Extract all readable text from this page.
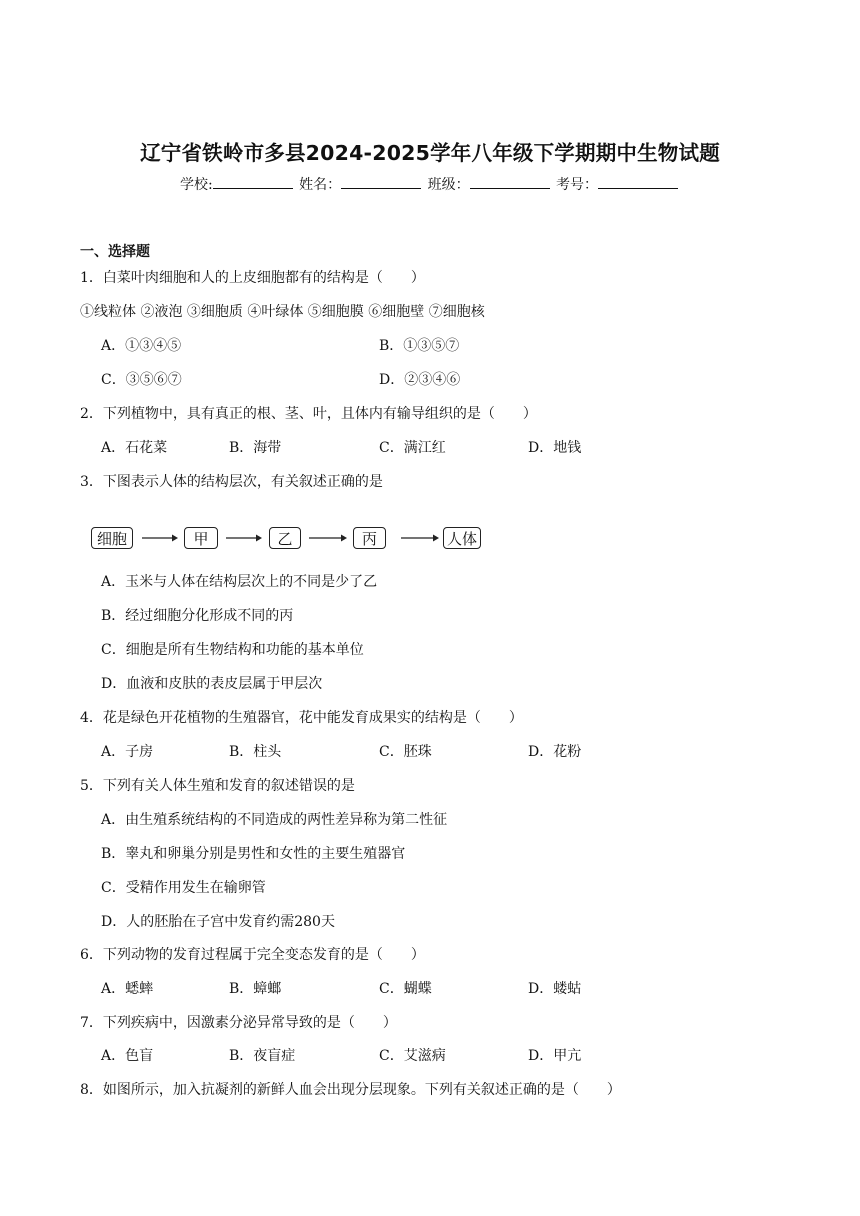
辽宁省铁岭市多县2024-2025学年八年级下学期期中生物试题
学校:	姓名：	班级：	考号：
一、选择题
1．白菜叶肉细胞和人的上皮细胞都有的结构是（　　）
①线粒体 ②液泡 ③细胞质 ④叶绿体 ⑤细胞膜 ⑥细胞壁 ⑦细胞核
A．①③④⑤	B．①③⑤⑦
C．③⑤⑥⑦	D．②③④⑥
2．下列植物中，具有真正的根、茎、叶，且体内有输导组织的是（　　）
A．石花菜	B．海带	C．满江红	D．地钱
3．下图表示人体的结构层次，有关叙述正确的是
细胞	甲	乙	丙	人体
A．玉米与人体在结构层次上的不同是少了乙
B．经过细胞分化形成不同的丙
C．细胞是所有生物结构和功能的基本单位
D．血液和皮肤的表皮层属于甲层次
4．花是绿色开花植物的生殖器官，花中能发育成果实的结构是（　　）
A．子房	B．柱头	C．胚珠	D．花粉
5．下列有关人体生殖和发育的叙述错误的是
A．由生殖系统结构的不同造成的两性差异称为第二性征
B．睾丸和卵巢分别是男性和女性的主要生殖器官
C．受精作用发生在输卵管
D．人的胚胎在子宫中发育约需280天
6．下列动物的发育过程属于完全变态发育的是（　　）
A．蟋蟀	B．蟑螂	C．蝴蝶	D．蝼蛄
7．下列疾病中，因激素分泌异常导致的是（　　）
A．色盲	B．夜盲症	C．艾滋病	D．甲亢
8．如图所示，加入抗凝剂的新鲜人血会出现分层现象。下列有关叙述正确的是（　　）
